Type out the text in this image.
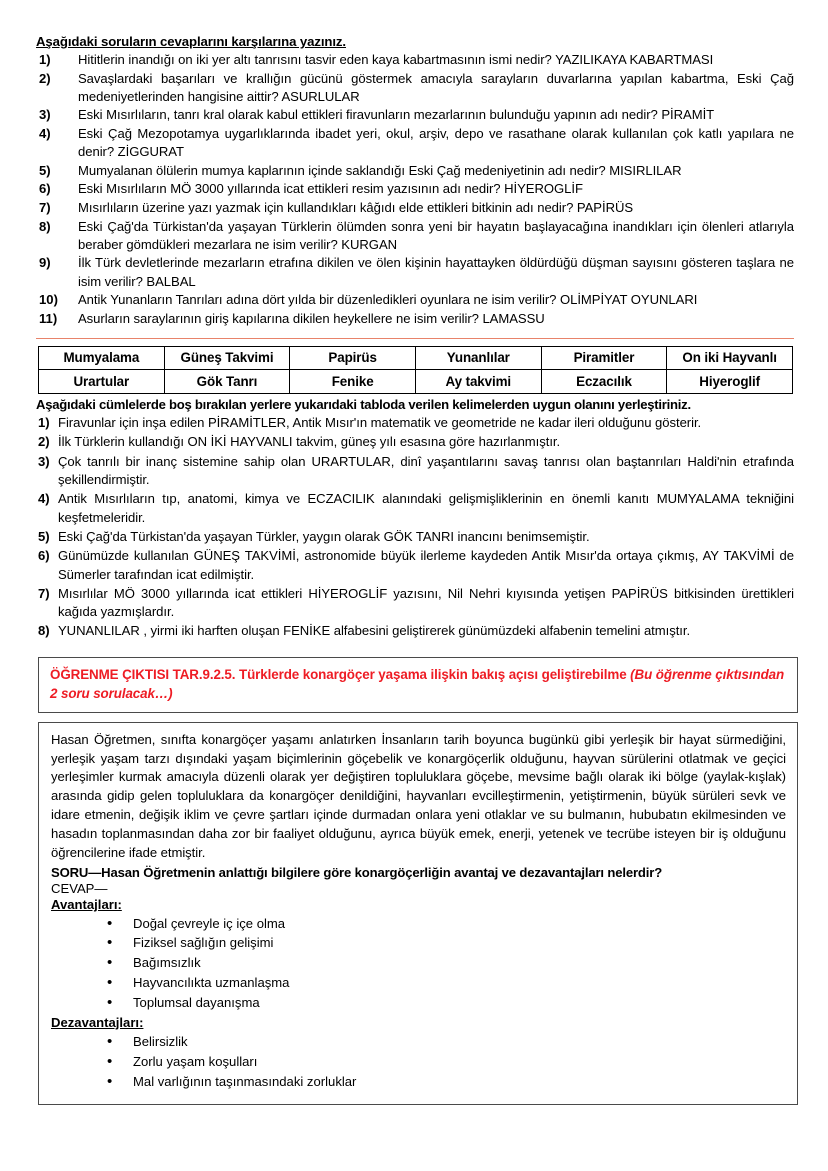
Aşağıdaki soruların cevaplarını karşılarına yazınız.
1)	Hititlerin inandığı on iki yer altı tanrısını tasvir eden kaya kabartmasının ismi nedir? YAZILIKAYA KABARTMASI
2)	Savaşlardaki başarıları ve krallığın gücünü göstermek amacıyla sarayların duvarlarına yapılan kabartma, Eski Çağ medeniyetlerinden hangisine aittir? ASURLULAR
3)	Eski Mısırlıların, tanrı kral olarak kabul ettikleri firavunların mezarlarının bulunduğu yapının adı nedir? PİRAMİT
4)	Eski Çağ Mezopotamya uygarlıklarında ibadet yeri, okul, arşiv, depo ve rasathane olarak kullanılan çok katlı yapılara ne denir? ZİGGURAT
5)	Mumyalanan ölülerin mumya kaplarının içinde saklandığı Eski Çağ medeniyetinin adı nedir? MISIRLILAR
6)	Eski Mısırlıların MÖ 3000 yıllarında icat ettikleri resim yazısının adı nedir? HİYEROGLİF
7)	Mısırlıların üzerine yazı yazmak için kullandıkları kâğıdı elde ettikleri bitkinin adı nedir? PAPİRÜS
8)	Eski Çağ'da Türkistan'da yaşayan Türklerin ölümden sonra yeni bir hayatın başlayacağına inandıkları için ölenleri atlarıyla beraber gömdükleri mezarlara ne isim verilir? KURGAN
9)	İlk Türk devletlerinde mezarların etrafına dikilen ve ölen kişinin hayattayken öldürdüğü düşman sayısını gösteren taşlara ne isim verilir? BALBAL
10)	Antik Yunanların Tanrıları adına dört yılda bir düzenledikleri oyunlara ne isim verilir? OLİMPİYAT OYUNLARI
11)	Asurların saraylarının giriş kapılarına dikilen heykellere ne isim verilir? LAMASSU
Mumyalama	Güneş Takvimi	Papirüs	Yunanlılar	Piramitler	On iki Hayvanlı
Urartular	Gök Tanrı	Fenike	Ay takvimi	Eczacılık	Hiyeroglif
Aşağıdaki cümlelerde boş bırakılan yerlere yukarıdaki tabloda verilen kelimelerden uygun olanını yerleştiriniz.
1) Firavunlar için inşa edilen PİRAMİTLER, Antik Mısır'ın matematik ve geometride ne kadar ileri olduğunu gösterir.
2) İlk Türklerin kullandığı ON İKİ HAYVANLI takvim, güneş yılı esasına göre hazırlanmıştır.
3) Çok tanrılı bir inanç sistemine sahip olan URARTULAR, dinî yaşantılarını savaş tanrısı olan baştanrıları Haldi'nin etrafında şekillendirmiştir.
4) Antik Mısırlıların tıp, anatomi, kimya ve ECZACILIK alanındaki gelişmişliklerinin en önemli kanıtı MUMYALAMA tekniğini keşfetmeleridir.
5) Eski Çağ'da Türkistan'da yaşayan Türkler, yaygın olarak GÖK TANRI inancını benimsemiştir.
6) Günümüzde kullanılan GÜNEŞ TAKVİMİ, astronomide büyük ilerleme kaydeden Antik Mısır'da ortaya çıkmış, AY TAKVİMİ de Sümerler tarafından icat edilmiştir.
7) Mısırlılar MÖ 3000 yıllarında icat ettikleri HİYEROGLİF yazısını, Nil Nehri kıyısında yetişen PAPİRÜS bitkisinden ürettikleri kağıda yazmışlardır.
8) YUNANLILAR , yirmi iki harften oluşan FENİKE alfabesini geliştirerek günümüzdeki alfabenin temelini atmıştır.
ÖĞRENME ÇIKTISI TAR.9.2.5. Türklerde konargöçer yaşama ilişkin bakış açısı geliştirebilme (Bu öğrenme çıktısından 2 soru sorulacak…)
Hasan Öğretmen, sınıfta konargöçer yaşamı anlatırken İnsanların tarih boyunca bugünkü gibi yerleşik bir hayat sürmediğini, yerleşik yaşam tarzı dışındaki yaşam biçimlerinin göçebelik ve konargöçerlik olduğunu, hayvan sürülerini otlatmak ve geçici yerleşimler kurmak amacıyla düzenli olarak yer değiştiren topluluklara göçebe, mevsime bağlı olarak iki bölge (yaylak-kışlak) arasında gidip gelen topluluklara da konargöçer denildiğini, hayvanları evcilleştirmenin, yetiştirmenin, büyük sürüleri sevk ve idare etmenin, değişik iklim ve çevre şartları içinde durmadan onlara yeni otlaklar ve su bulmanın, hububatın ekilmesinden ve hasadın toplanmasından daha zor bir faaliyet olduğunu, ayrıca büyük emek, enerji, yetenek ve tecrübe isteyen bir iş olduğunu öğrencilerine ifade etmiştir.
SORU—Hasan Öğretmenin anlattığı bilgilere göre konargöçerliğin avantaj ve dezavantajları nelerdir?
CEVAP—
Avantajları:
• Doğal çevreyle iç içe olma
• Fiziksel sağlığın gelişimi
• Bağımsızlık
• Hayvancılıkta uzmanlaşma
• Toplumsal dayanışma
Dezavantajları:
• Belirsizlik
• Zorlu yaşam koşulları
• Mal varlığının taşınmasındaki zorluklar
